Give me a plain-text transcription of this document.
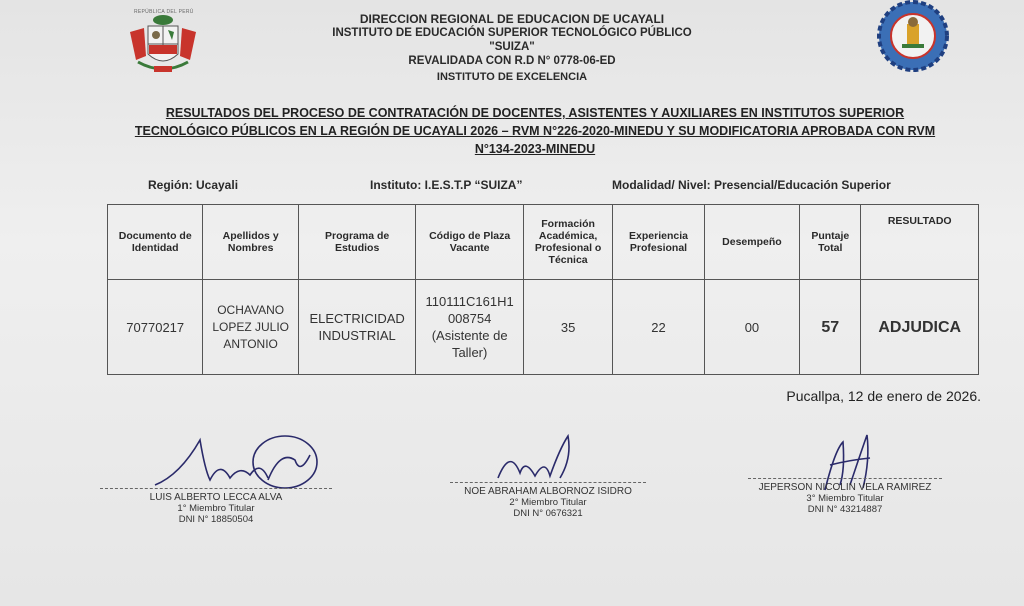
REPÚBLICA DEL PERÚ	DIRECCION REGIONAL DE EDUCACION DE UCAYALI
INSTITUTO DE EDUCACIÓN SUPERIOR TECNOLÓGICO PÚBLICO
"SUIZA"
REVALIDADA CON R.D N° 0778-06-ED
INSTITUTO DE EXCELENCIA
RESULTADOS DEL PROCESO DE CONTRATACIÓN DE DOCENTES, ASISTENTES Y AUXILIARES EN INSTITUTOS SUPERIOR TECNOLÓGICO PÚBLICOS EN LA REGIÓN DE UCAYALI 2026 – RVM N°226-2020-MINEDU Y SU MODIFICATORIA APROBADA CON RVM N°134-2023-MINEDU
Región: Ucayali	Instituto: I.E.S.T.P “SUIZA”	Modalidad/ Nivel: Presencial/Educación Superior
Documento de Identidad	Apellidos y Nombres	Programa de Estudios	Código de Plaza Vacante	Formación Académica, Profesional o Técnica	Experiencia Profesional	Desempeño	Puntaje Total	RESULTADO
70770217	OCHAVANO LOPEZ JULIO ANTONIO	ELECTRICIDAD INDUSTRIAL	110111C161H1 008754 (Asistente de Taller)	35	22	00	57	ADJUDICA
Pucallpa, 12 de enero de 2026.
LUIS ALBERTO LECCA ALVA
1° Miembro Titular
DNI N° 18850504
NOE ABRAHAM ALBORNOZ ISIDRO
2° Miembro Titular
DNI N° 0676321
JEPERSON NICOLIN VELA RAMIREZ
3° Miembro Titular
DNI N° 43214887
